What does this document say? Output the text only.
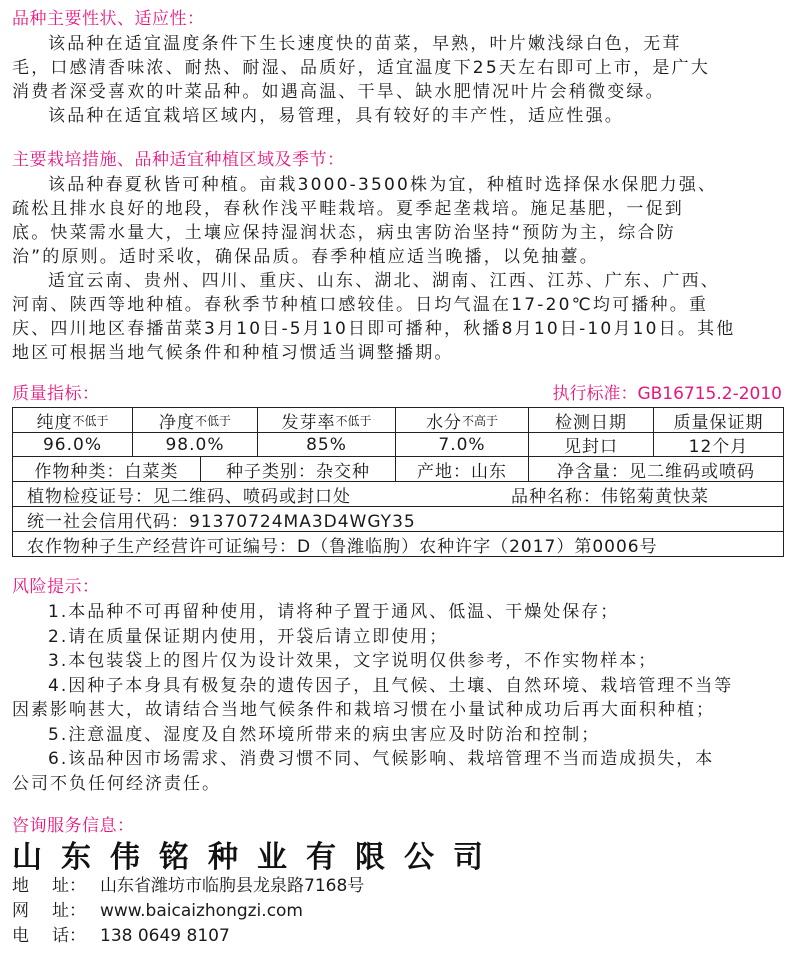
品种主要性状、适应性：
该品种在适宜温度条件下生长速度快的苗菜，早熟，叶片嫩浅绿白色，无茸
毛，口感清香味浓、耐热、耐湿、品质好，适宜温度下25天左右即可上市，是广大
消费者深受喜欢的叶菜品种。如遇高温、干旱、缺水肥情况叶片会稍微变绿。
该品种在适宜栽培区域内，易管理，具有较好的丰产性，适应性强。
主要栽培措施、品种适宜种植区域及季节：
该品种春夏秋皆可种植。亩栽3000-3500株为宜，种植时选择保水保肥力强、
疏松且排水良好的地段，春秋作浅平畦栽培。夏季起垄栽培。施足基肥，一促到
底。快菜需水量大，土壤应保持湿润状态，病虫害防治坚持“预防为主，综合防
治”的原则。适时采收，确保品质。春季种植应适当晚播，以免抽薹。
适宜云南、贵州、四川、重庆、山东、湖北、湖南、江西、江苏、广东、广西、
河南、陕西等地种植。春秋季节种植口感较佳。日均气温在17-20℃均可播种。重
庆、四川地区春播苗菜3月10日-5月10日即可播种，秋播8月10日-10月10日。其他
地区可根据当地气候条件和种植习惯适当调整播期。
质量指标：	执行标准：GB16715.2-2010
纯度 不低于	净度 不低于	发芽率 不低于	水分 不高于	检测日期	质量保证期
96.0%	98.0%	85%	7.0%	见封口	12个月
作物种类：白菜类	种子类别：杂交种	产地：山东	净含量：见二维码或喷码
植物检疫证号：见二维码、喷码或封口处	品种名称：伟铭菊黄快菜
统一社会信用代码：91370724MA3D4WGY35
农作物种子生产经营许可证编号：D（鲁潍临朐）农种许字（2017）第0006号
风险提示：
1.本品种不可再留种使用，请将种子置于通风、低温、干燥处保存；
2.请在质量保证期内使用，开袋后请立即使用；
3.本包装袋上的图片仅为设计效果，文字说明仅供参考，不作实物样本；
4.因种子本身具有极复杂的遗传因子，且气候、土壤、自然环境、栽培管理不当等
因素影响甚大，故请结合当地气候条件和栽培习惯在小量试种成功后再大面积种植；
5.注意温度、湿度及自然环境所带来的病虫害应及时防治和控制；
6.该品种因市场需求、消费习惯不同、气候影响、栽培管理不当而造成损失，本
公司不负任何经济责任。
咨询服务信息：
山东伟铭种业有限公司
地	址： 山东省潍坊市临朐县龙泉路7168号
网	址： www.baicaizhongzi.com
电	话： 138 0649 8107
